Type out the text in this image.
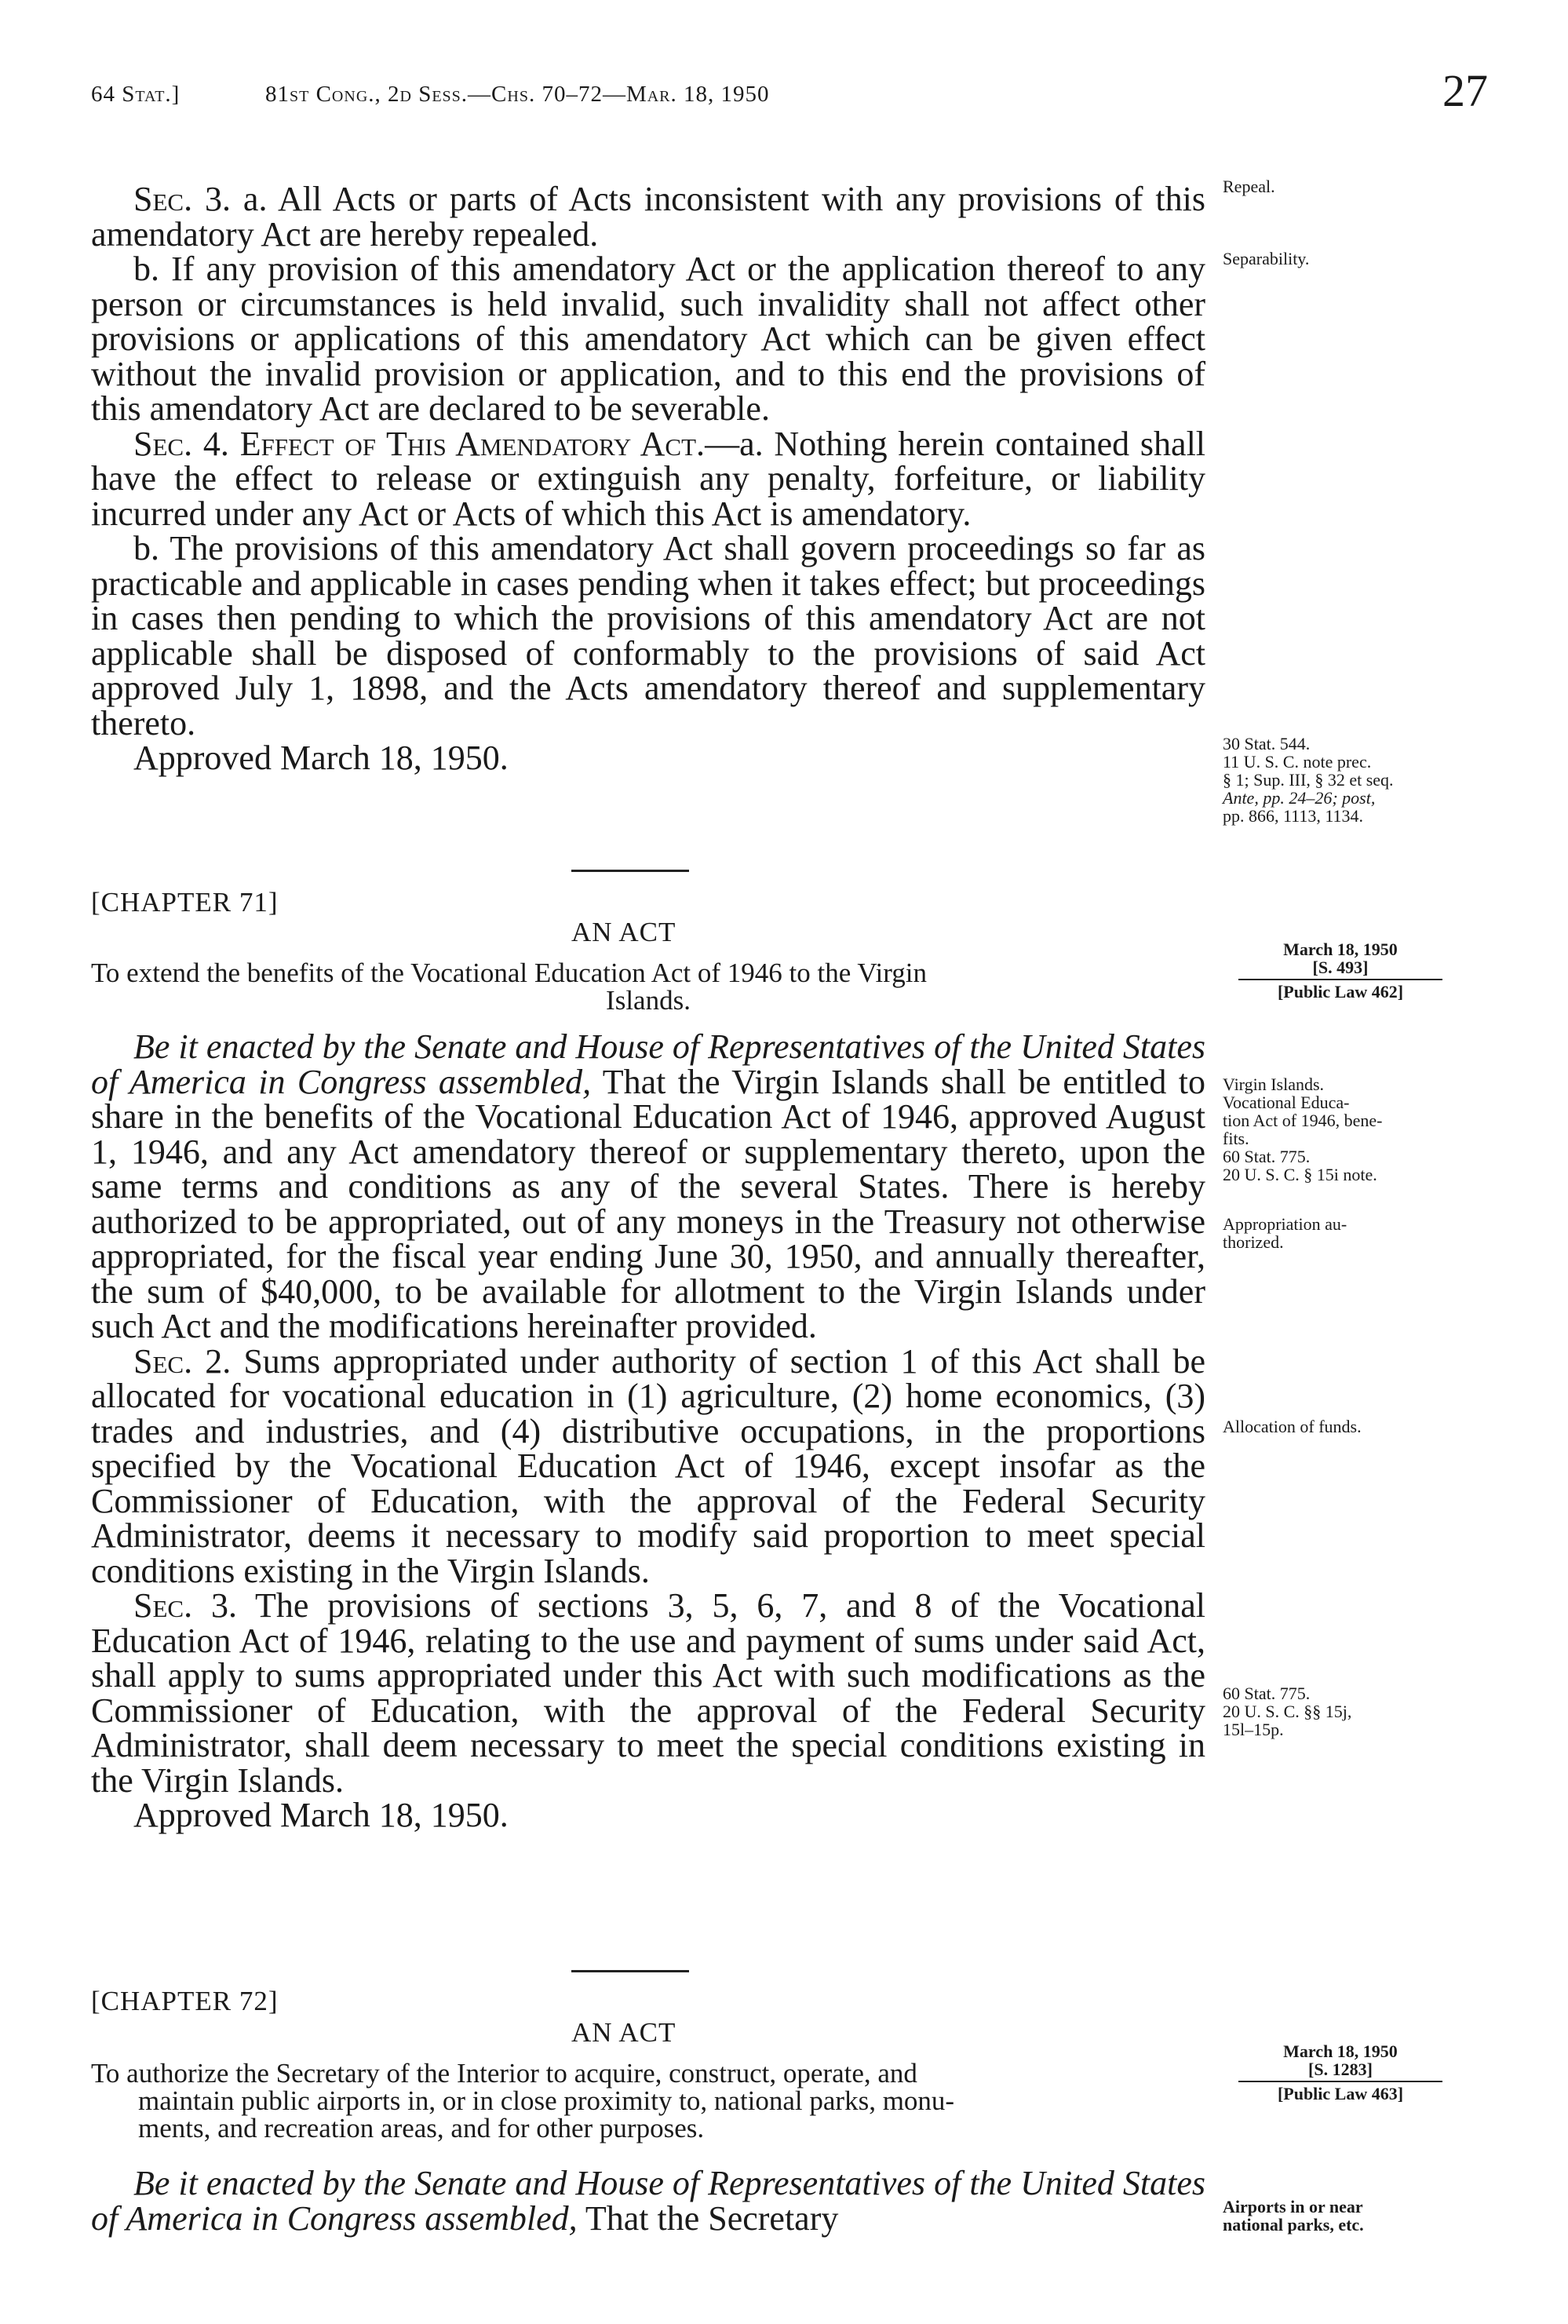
64 Stat.]	81st Cong., 2d Sess.—Chs. 70–72—Mar. 18, 1950	27

Sec. 3. a. All Acts or parts of Acts inconsistent with any provisions of this amendatory Act are hereby repealed.

b. If any provision of this amendatory Act or the application thereof to any person or circumstances is held invalid, such invalidity shall not affect other provisions or applications of this amendatory Act which can be given effect without the invalid provision or application, and to this end the provisions of this amendatory Act are declared to be severable.

Sec. 4. Effect of This Amendatory Act.—a. Nothing herein contained shall have the effect to release or extinguish any penalty, forfeiture, or liability incurred under any Act or Acts of which this Act is amendatory.

b. The provisions of this amendatory Act shall govern proceedings so far as practicable and applicable in cases pending when it takes effect; but proceedings in cases then pending to which the provisions of this amendatory Act are not applicable shall be disposed of conformably to the provisions of said Act approved July 1, 1898, and the Acts amendatory thereof and supplementary thereto.

Approved March 18, 1950.

Repeal.
Separability.
30 Stat. 544.
11 U. S. C. note prec.
§ 1; Sup. III, § 32 et seq.
Ante, pp. 24–26; post,
pp. 866, 1113, 1134.
[CHAPTER 71]
AN ACT
To extend the benefits of the Vocational Education Act of 1946 to the Virgin
Islands.
March 18, 1950
[S. 493]
[Public Law 462]

Be it enacted by the Senate and House of Representatives of the United States of America in Congress assembled, That the Virgin Islands shall be entitled to share in the benefits of the Vocational Education Act of 1946, approved August 1, 1946, and any Act amendatory thereof or supplementary thereto, upon the same terms and conditions as any of the several States. There is hereby authorized to be appropriated, out of any moneys in the Treasury not otherwise appropriated, for the fiscal year ending June 30, 1950, and annually thereafter, the sum of $40,000, to be available for allotment to the Virgin Islands under such Act and the modifications hereinafter provided.

Sec. 2. Sums appropriated under authority of section 1 of this Act shall be allocated for vocational education in (1) agriculture, (2) home economics, (3) trades and industries, and (4) distributive occupations, in the proportions specified by the Vocational Education Act of 1946, except insofar as the Commissioner of Education, with the approval of the Federal Security Administrator, deems it necessary to modify said proportion to meet special conditions existing in the Virgin Islands.

Sec. 3. The provisions of sections 3, 5, 6, 7, and 8 of the Vocational Education Act of 1946, relating to the use and payment of sums under said Act, shall apply to sums appropriated under this Act with such modifications as the Commissioner of Education, with the approval of the Federal Security Administrator, shall deem necessary to meet the special conditions existing in the Virgin Islands.

Approved March 18, 1950.

Virgin Islands.
Vocational Educa-
tion Act of 1946, bene-
fits.
60 Stat. 775.
20 U. S. C. § 15i note.
Appropriation au-
thorized.
Allocation of funds.
60 Stat. 775.
20 U. S. C. §§ 15j,
15l–15p.
[CHAPTER 72]
AN ACT

To authorize the Secretary of the Interior to acquire, construct, operate, and
maintain public airports in, or in close proximity to, national parks, monu-
ments, and recreation areas, and for other purposes.

March 18, 1950
[S. 1283]
[Public Law 463]

Be it enacted by the Senate and House of Representatives of the United States of America in Congress assembled, That the Secretary	Airports in or near
national parks, etc.
